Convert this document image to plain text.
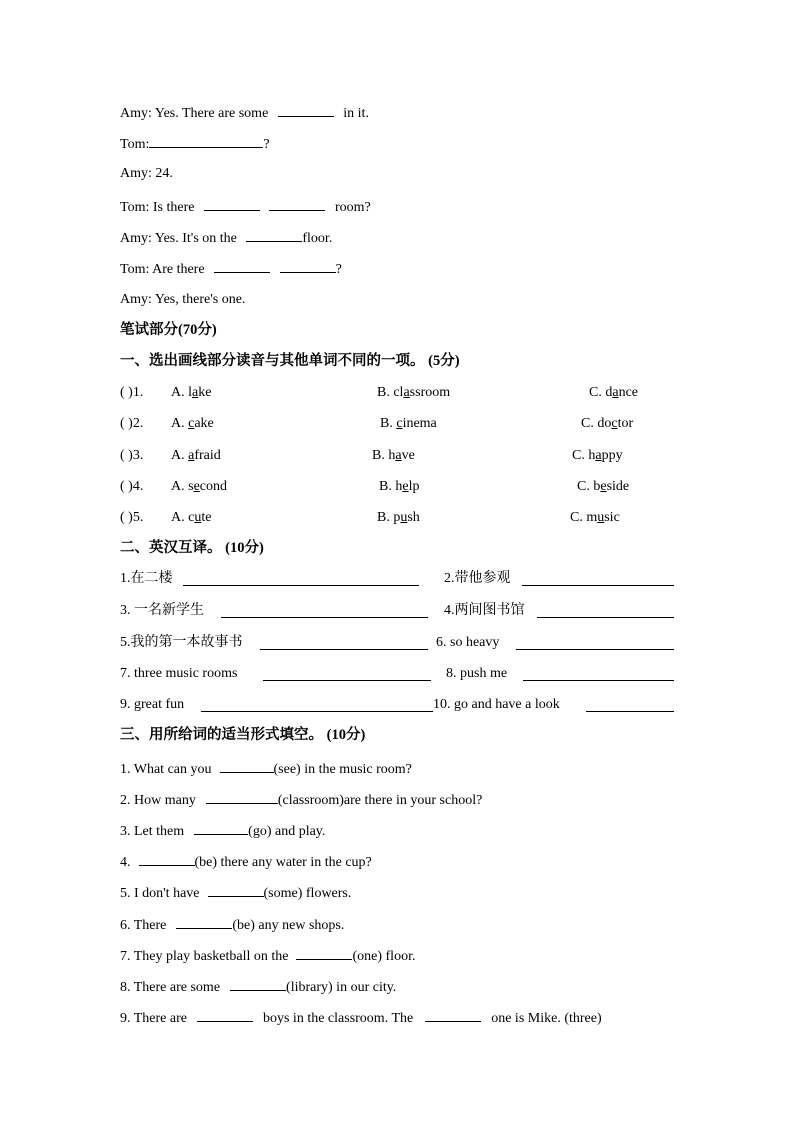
Amy: Yes. There are some	in it.
Tom:	?
Amy: 24.
Tom: Is there	room?
Amy: Yes. It's on the	floor.
Tom: Are there	?
Amy: Yes, there's one.
笔试部分(70分)
一、选出画线部分读音与其他单词不同的一项。 (5分)
( )1. A. lake	B. classroom	C. dance
( )2. A. cake	B. cinema	C. doctor
( )3. A. afraid	B. have	C. happy
( )4. A. second	B. help	C. beside
( )5. A. cute	B. push	C. music
二、英汉互译。 (10分)
1.在二楼	2.带他参观
3. 一名新学生	4.两间图书馆
5.我的第一本故事书	6. so heavy
7. three music rooms	8. push me
9. great fun	10. go and have a look
三、用所给词的适当形式填空。 (10分)
1. What can you	(see) in the music room?
2. How many	(classroom)are there in your school?
3. Let them	(go) and play.
4.	(be) there any water in the cup?
5. I don't have	(some) flowers.
6. There	(be) any new shops.
7. They play basketball on the	(one) floor.
8. There are some	(library) in our city.
9. There are	boys in the classroom. The	one is Mike. (three)
